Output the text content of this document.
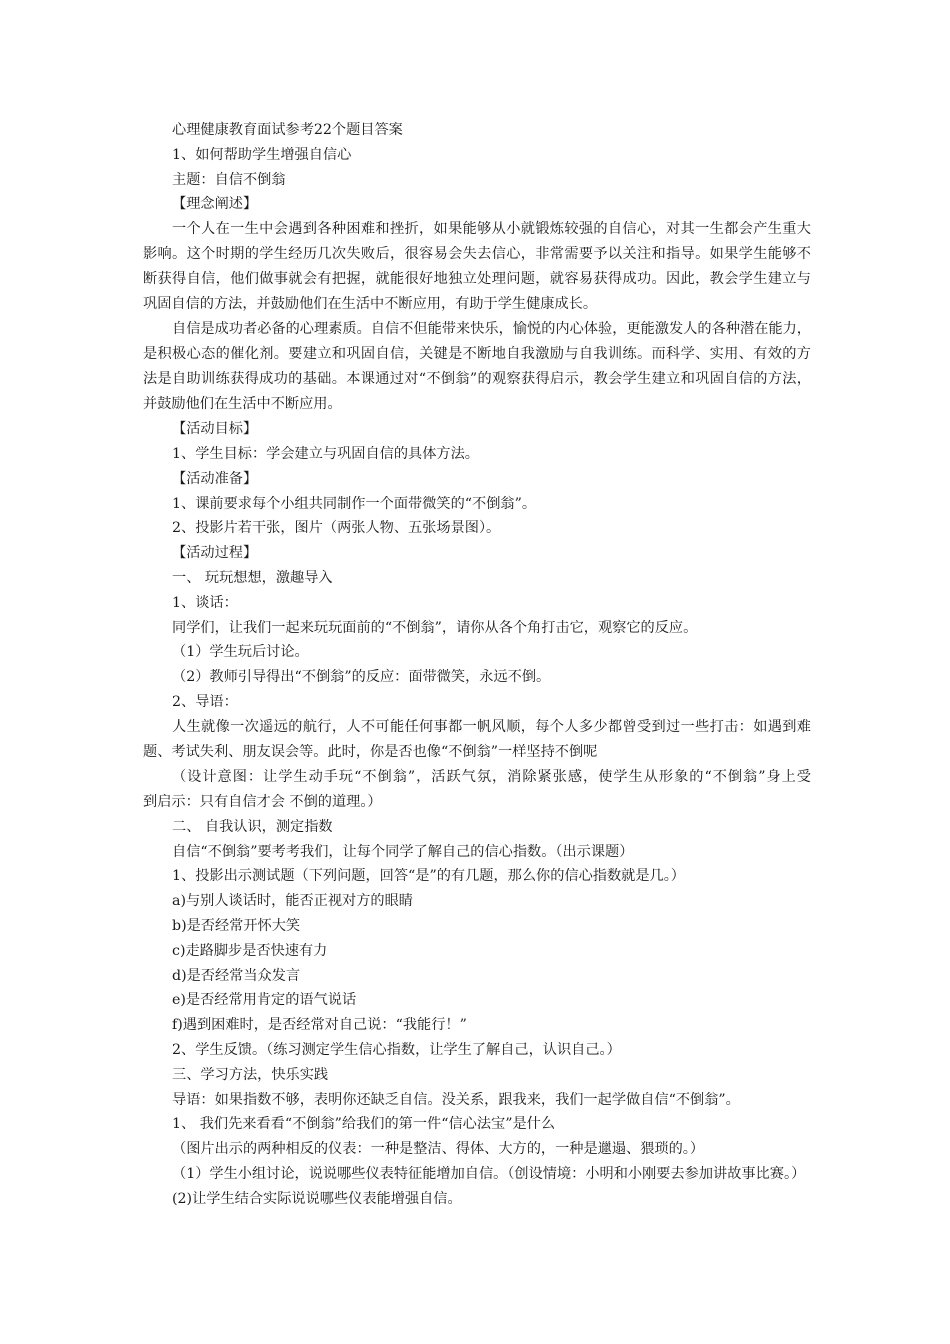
心理健康教育面试参考22个题目答案

1、如何帮助学生增强自信心

主题：自信不倒翁

【理念阐述】

一个人在一生中会遇到各种困难和挫折，如果能够从小就锻炼较强的自信心，对其一生都会产生重大
影响。这个时期的学生经历几次失败后，很容易会失去信心，非常需要予以关注和指导。如果学生能够不
断获得自信，他们做事就会有把握，就能很好地独立处理问题，就容易获得成功。因此，教会学生建立与
巩固自信的方法，并鼓励他们在生活中不断应用，有助于学生健康成长。
自信是成功者必备的心理素质。自信不但能带来快乐，愉悦的内心体验，更能激发人的各种潜在能力，
是积极心态的催化剂。要建立和巩固自信，关键是不断地自我激励与自我训练。而科学、实用、有效的方
法是自助训练获得成功的基础。本课通过对“不倒翁”的观察获得启示，教会学生建立和巩固自信的方法，
并鼓励他们在生活中不断应用。

【活动目标】

1、学生目标：学会建立与巩固自信的具体方法。

【活动准备】

1、课前要求每个小组共同制作一个面带微笑的“不倒翁”。

2、投影片若干张，图片（两张人物、五张场景图）。

【活动过程】

一、 玩玩想想，激趣导入

1、谈话：

同学们，让我们一起来玩玩面前的“不倒翁”，请你从各个角打击它，观察它的反应。

（1）学生玩后讨论。

（2）教师引导得出“不倒翁”的反应：面带微笑，永远不倒。

2、导语：

人生就像一次遥远的航行，人不可能任何事都一帆风顺，每个人多少都曾受到过一些打击：如遇到难
题、考试失利、朋友误会等。此时，你是否也像“不倒翁”一样坚持不倒呢
（设计意图：让学生动手玩“不倒翁”，活跃气氛，消除紧张感，使学生从形象的“不倒翁”身上受
到启示：只有自信才会 不倒的道理。）

二、 自我认识，测定指数

自信“不倒翁”要考考我们，让每个同学了解自己的信心指数。（出示课题）

1、投影出示测试题（下列问题，回答“是”的有几题，那么你的信心指数就是几。）

a)与别人谈话时，能否正视对方的眼睛

b)是否经常开怀大笑

c)走路脚步是否快速有力

d)是否经常当众发言

e)是否经常用肯定的语气说话

f)遇到困难时，是否经常对自己说：“我能行！”

2、学生反馈。（练习测定学生信心指数，让学生了解自己，认识自己。）

三、学习方法，快乐实践

导语：如果指数不够，表明你还缺乏自信。没关系，跟我来，我们一起学做自信“不倒翁”。

1、 我们先来看看“不倒翁”给我们的第一件“信心法宝”是什么

（图片出示的两种相反的仪表：一种是整洁、得体、大方的，一种是邋遢、猥琐的。）

（1）学生小组讨论，说说哪些仪表特征能增加自信。（创设情境：小明和小刚要去参加讲故事比赛。）

(2)让学生结合实际说说哪些仪表能增强自信。
